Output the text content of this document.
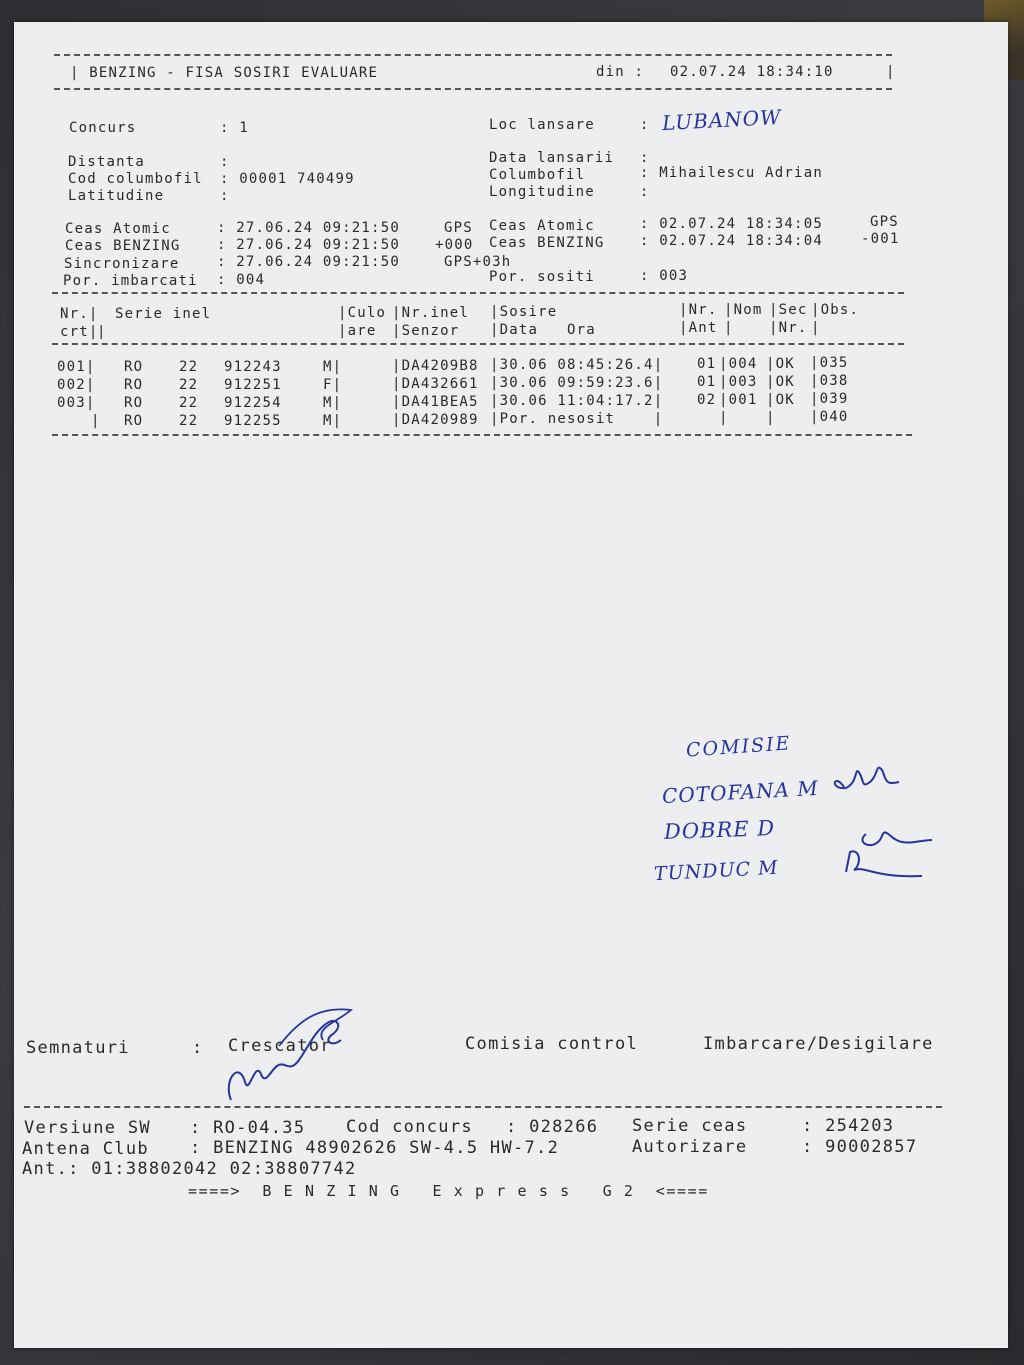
| BENZING - FISA SOSIRI EVALUARE	din : 02.07.24 18:34:10	|
Concurs	: 1	Loc lansare	: LUBANOW
Distanta	:
Cod columbofil : 00001 740499
Latitudine	:
Data lansarii :
Columbofil	: Mihailescu Adrian
Longitudine	:
Ceas Atomic	: 27.06.24 09:21:50	GPS
Ceas BENZING	: 27.06.24 09:21:50	+000
Sincronizare	: 27.06.24 09:21:50	GPS+03h
Por. imbarcati : 004
Ceas Atomic	: 02.07.24 18:34:05	GPS
Ceas BENZING	: 02.07.24 18:34:04	-001
Por. sositi	: 003
Nr.| Serie inel	|Culo |Nr.inel |Sosire	|Nr. |Nom |Sec |Obs.
crt|
|	|are |Senzor |Data   Ora	|Ant |	|Nr. |
001| RO	22 912243	M|	|DA4209B8 |30.06 08:45:26.4| 01 |004 |OK |035
002| RO	22 912251	F|	|DA432661 |30.06 09:59:23.6| 01 |003 |OK |038
003| RO	22 912254	M|	|DA41BEA5 |30.06 11:04:17.2| 02 |001 |OK |039
| RO	22 912255	M|	|DA420989 |Por. nesosit    |	|	| |040
COMISIE
COTOFANA M
DOBRE D
TUNDUC M
Semnaturi	: Crescator	Comisia control	Imbarcare/Desigilare
Versiune SW : RO-04.35 Cod concurs : 028266 Serie ceas	: 254203
Antena Club : BENZING 48902626 SW-4.5 HW-7.2	Autorizare	: 90002857
Ant.: 01:38802042 02:38807742
====>  B E N Z I N G   E x p r e s s   G 2  <====
